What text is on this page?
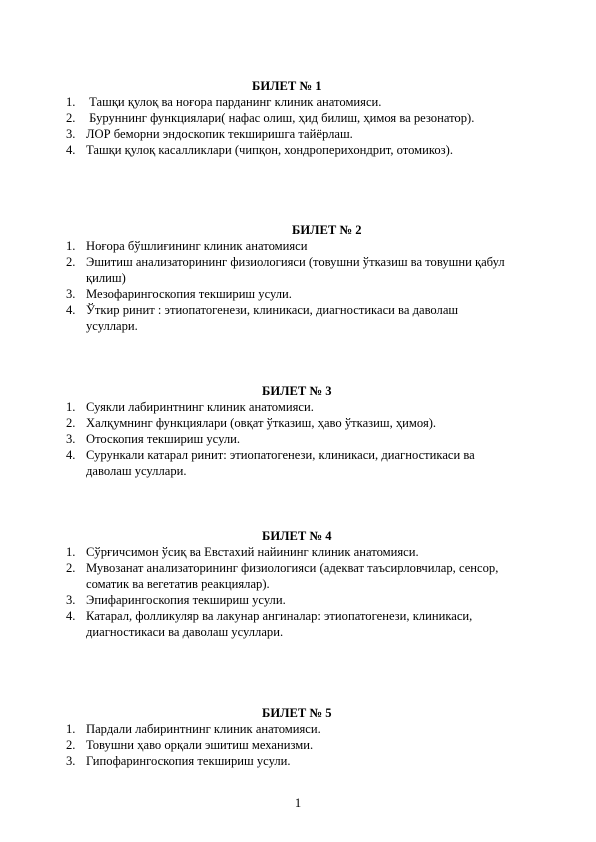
БИЛЕТ № 1
1. Ташқи қулоқ ва ноғора парданинг клиник анатомияси.
2. Буруннинг функциялари( нафас олиш, ҳид билиш, ҳимоя ва резонатор).
3. ЛОР беморни эндоскопик текширишга тайёрлаш.
4. Ташқи қулоқ касалликлари (чипқон, хондроперихондрит, отомикоз).
БИЛЕТ № 2
1. Ноғора бўшлиғининг клиник анатомияси
2. Эшитиш анализаторининг физиологияси (товушни ўтказиш ва товушни қабул қилиш)
3. Мезофарингоскопия текшириш усули.
4. Ўткир ринит : этиопатогенези, клиникаси, диагностикаси ва даволаш усуллари.
БИЛЕТ № 3
1. Суякли лабиринтнинг клиник анатомияси.
2. Халқумнинг функциялари (овқат ўтказиш, ҳаво ўтказиш, ҳимоя).
3. Отоскопия текшириш усули.
4. Сурункали катарал ринит: этиопатогенези, клиникаси, диагностикаси ва даволаш усуллари.
БИЛЕТ № 4
1. Сўрғичсимон ўсиқ ва Евстахий найининг клиник анатомияси.
2. Мувозанат анализаторининг физиологияси (адекват таъсирловчилар, сенсор, соматик ва вегетатив реакциялар).
3. Эпифарингоскопия текшириш усули.
4. Катарал, фолликуляр ва лакунар ангиналар: этиопатогенези, клиникаси, диагностикаси ва даволаш усуллари.
БИЛЕТ № 5
1. Пардали лабиринтнинг клиник анатомияси.
2. Товушни ҳаво орқали эшитиш механизми.
3. Гипофарингоскопия текшириш усули.
1
